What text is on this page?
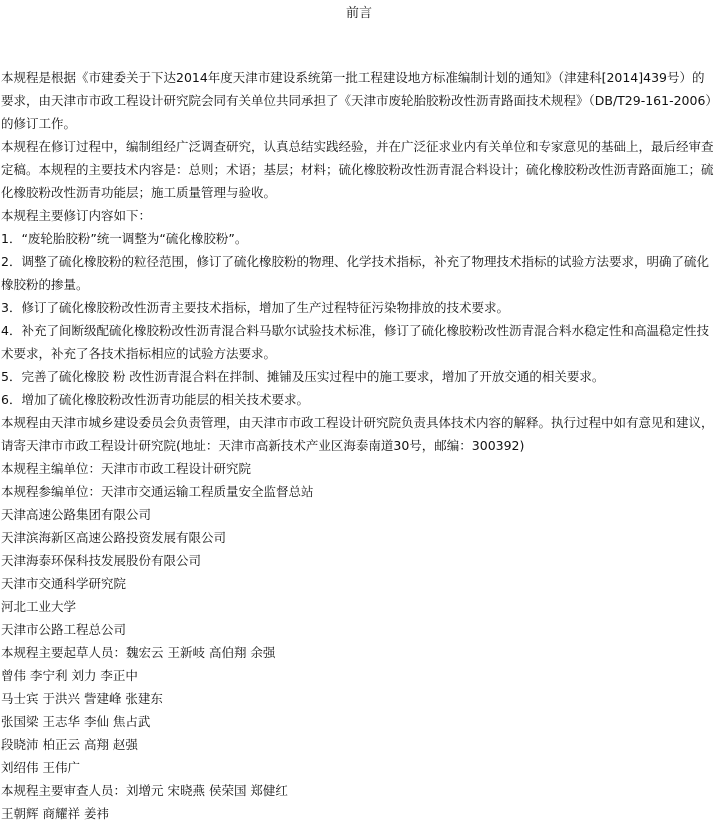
前言

本规程是根据《市建委关于下达2014年度天津市建设系统第一批工程建设地方标准编制计划的通知》（津建科[2014]439号）的要求，由天津市市政工程设计研究院会同有关单位共同承担了《天津市废轮胎胶粉改性沥青路面技术规程》（DB/T29-161-2006）的修订工作。

本规程在修订过程中，编制组经广泛调查研究，认真总结实践经验，并在广泛征求业内有关单位和专家意见的基础上，最后经审查定稿。本规程的主要技术内容是：总则；术语；基层；材料；硫化橡胶粉改性沥青混合料设计；硫化橡胶粉改性沥青路面施工；硫化橡胶粉改性沥青功能层；施工质量管理与验收。

本规程主要修订内容如下：

1．“废轮胎胶粉”统一调整为“硫化橡胶粉”。

2．调整了硫化橡胶粉的粒径范围，修订了硫化橡胶粉的物理、化学技术指标，补充了物理技术指标的试验方法要求，明确了硫化橡胶粉的掺量。

3．修订了硫化橡胶粉改性沥青主要技术指标，增加了生产过程特征污染物排放的技术要求。

4．补充了间断级配硫化橡胶粉改性沥青混合料马歇尔试验技术标准，修订了硫化橡胶粉改性沥青混合料水稳定性和高温稳定性技术要求，补充了各技术指标相应的试验方法要求。

5．完善了硫化橡胶 粉 改性沥青混合料在拌制、摊铺及压实过程中的施工要求，增加了开放交通的相关要求。

6．增加了硫化橡胶粉改性沥青功能层的相关技术要求。

本规程由天津市城乡建设委员会负责管理，由天津市市政工程设计研究院负责具体技术内容的解释。执行过程中如有意见和建议，请寄天津市市政工程设计研究院(地址：天津市高新技术产业区海泰南道30号，邮编：300392)

本规程主编单位：天津市市政工程设计研究院

本规程参编单位：天津市交通运输工程质量安全监督总站

天津高速公路集团有限公司

天津滨海新区高速公路投资发展有限公司

天津海泰环保科技发展股份有限公司

天津市交通科学研究院

河北工业大学

天津市公路工程总公司

本规程主要起草人员：魏宏云 王新岐 高伯翔 余强

曾伟 李宁利 刘力 李正中

马士宾 于洪兴 訾建峰 张建东

张国梁 王志华 李仙 焦占武

段晓沛 柏正云 高翔 赵强

刘绍伟 王伟广

本规程主要审查人员：刘增元 宋晓燕 侯荣国 郑健红

王朝辉 商耀祥 姜祎
